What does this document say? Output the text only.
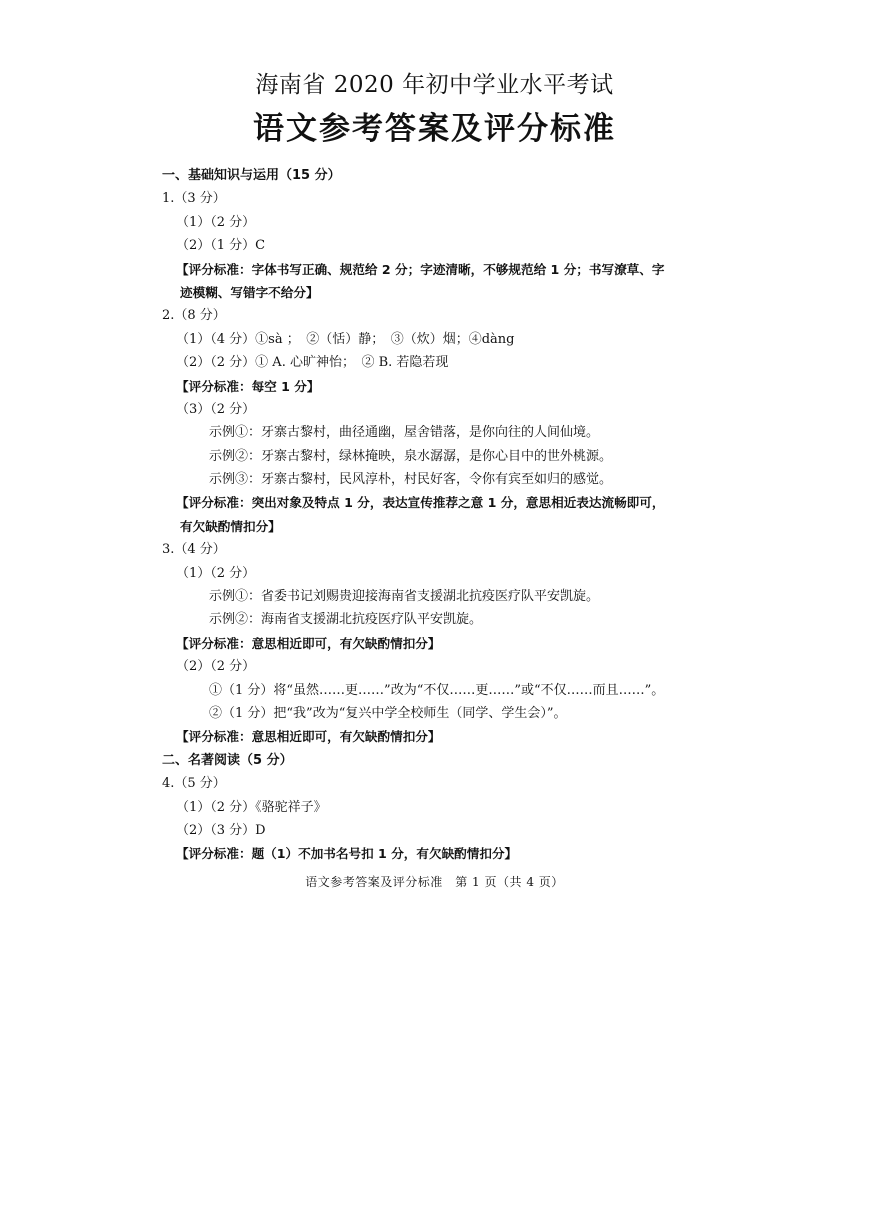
海南省 2020 年初中学业水平考试
语文参考答案及评分标准
一、基础知识与运用（15 分）
1.（3 分）
（1）（2 分）
（2）（1 分）C
【评分标准：字体书写正确、规范给 2 分；字迹清晰，不够规范给 1 分；书写潦草、字
迹模糊、写错字不给分】
2.（8 分）
（1）（4 分）①sà ；　②（恬）静；　③（炊）烟；④dàng
（2）（2 分）① A. 心旷神怡；　② B. 若隐若现
【评分标准：每空 1 分】
（3）（2 分）
示例①：牙寨古黎村，曲径通幽，屋舍错落，是你向往的人间仙境。
示例②：牙寨古黎村，绿林掩映，泉水潺潺，是你心目中的世外桃源。
示例③：牙寨古黎村，民风淳朴，村民好客，令你有宾至如归的感觉。
【评分标准：突出对象及特点 1 分，表达宣传推荐之意 1 分，意思相近表达流畅即可，
有欠缺酌情扣分】
3.（4 分）
（1）（2 分）
示例①：省委书记刘赐贵迎接海南省支援湖北抗疫医疗队平安凯旋。
示例②：海南省支援湖北抗疫医疗队平安凯旋。
【评分标准：意思相近即可，有欠缺酌情扣分】
（2）（2 分）
①（1 分）将“虽然……更……”改为“不仅……更……”或“不仅……而且……”。
②（1 分）把“我”改为“复兴中学全校师生（同学、学生会）”。
【评分标准：意思相近即可，有欠缺酌情扣分】
二、名著阅读（5 分）
4.（5 分）
（1）（2 分）《骆驼祥子》
（2）（3 分）D
【评分标准：题（1）不加书名号扣 1 分，有欠缺酌情扣分】
语文参考答案及评分标准　第 1 页（共 4 页）
